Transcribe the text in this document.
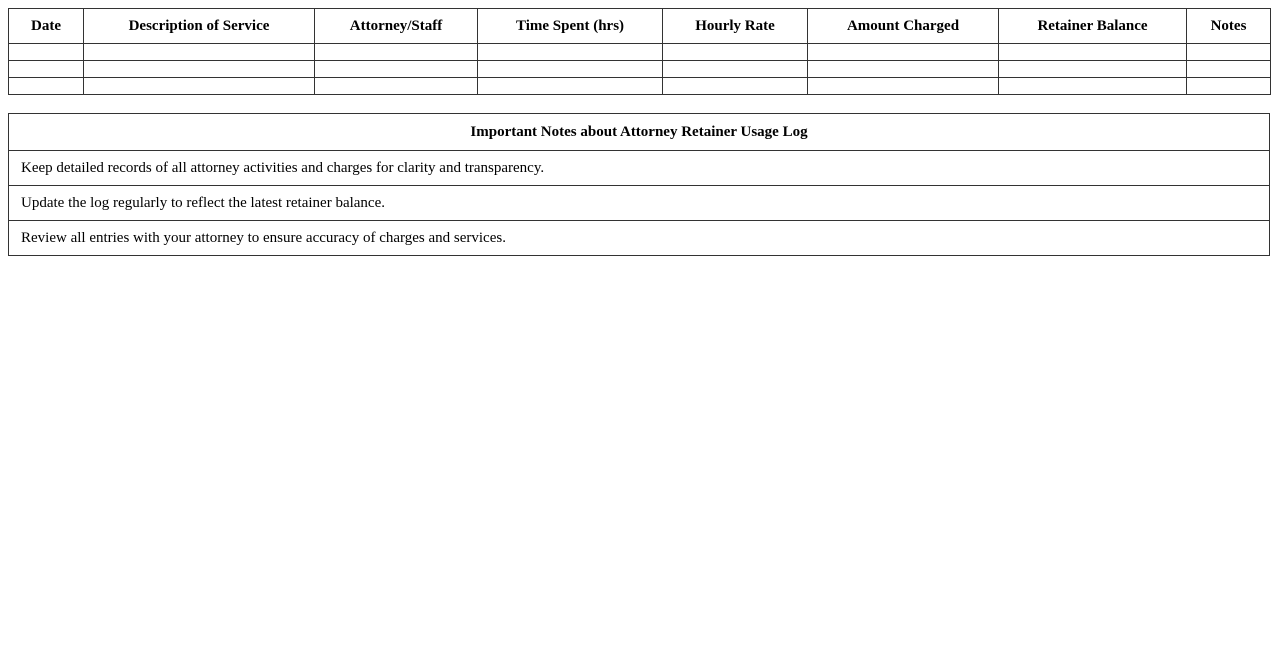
Date	Description of Service	Attorney/Staff	Time Spent (hrs)	Hourly Rate	Amount Charged	Retainer Balance	Notes

Important Notes about Attorney Retainer Usage Log
Keep detailed records of all attorney activities and charges for clarity and transparency.
Update the log regularly to reflect the latest retainer balance.
Review all entries with your attorney to ensure accuracy of charges and services.
